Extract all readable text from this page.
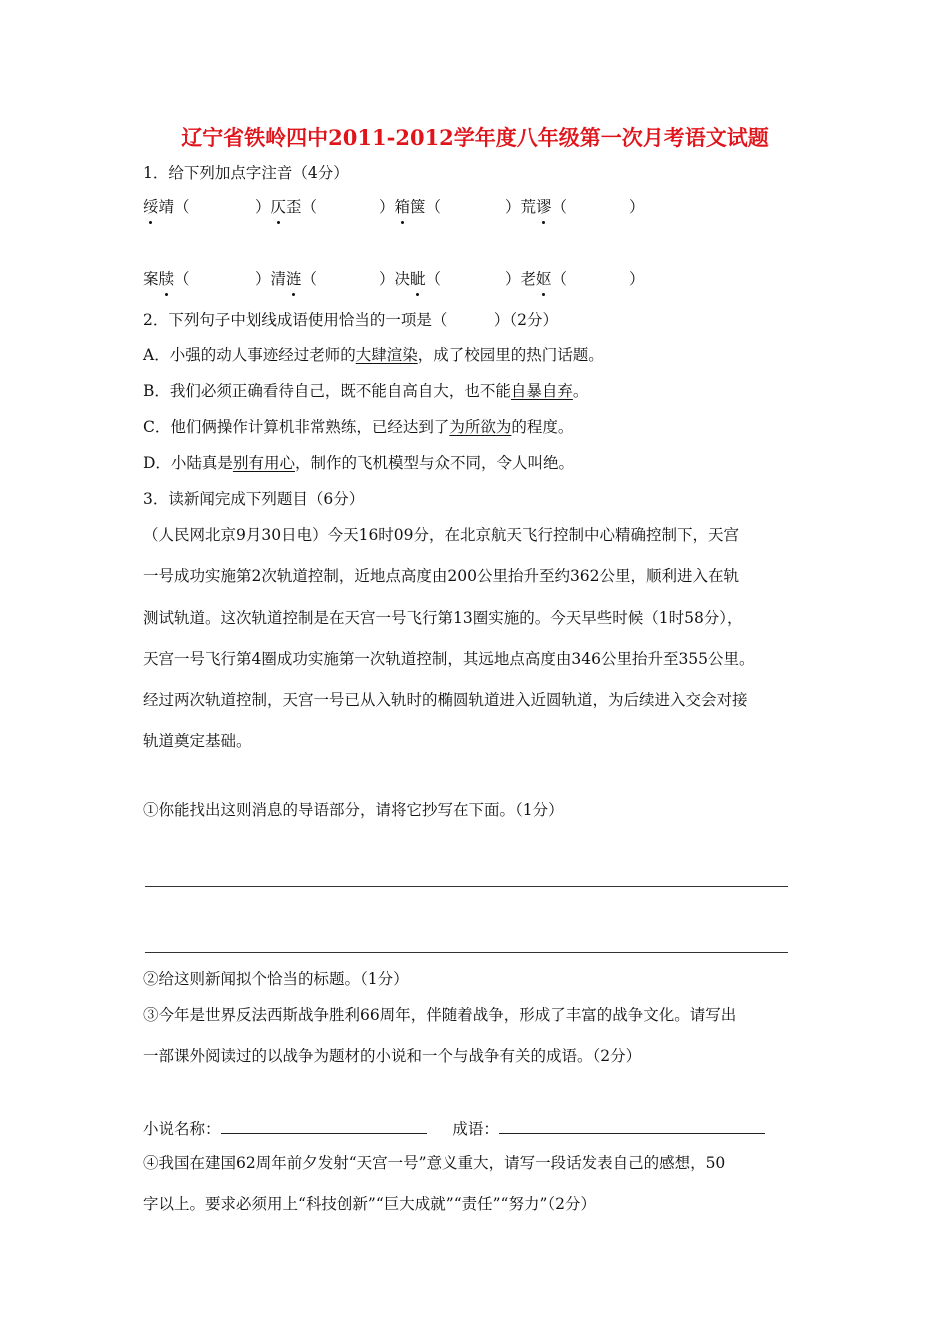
辽宁省铁岭四中2011-2012学年度八年级第一次月考语文试题
1．给下列加点字注音（4分）
绥靖（	）仄歪（	）箱箧（	）荒谬（	）
案牍（	）清涟（	）决眦（	）老妪（	）
2．下列句子中划线成语使用恰当的一项是（　　　）（2分）
A．小强的动人事迹经过老师的大肆渲染，成了校园里的热门话题。
B．我们必须正确看待自己，既不能自高自大，也不能自暴自弃。
C．他们俩操作计算机非常熟练，已经达到了为所欲为的程度。
D．小陆真是别有用心，制作的飞机模型与众不同，令人叫绝。
3．读新闻完成下列题目（6分）
（人民网北京9月30日电）今天16时09分，在北京航天飞行控制中心精确控制下，天宫
一号成功实施第2次轨道控制，近地点高度由200公里抬升至约362公里，顺利进入在轨
测试轨道。这次轨道控制是在天宫一号飞行第13圈实施的。今天早些时候（1时58分），
天宫一号飞行第4圈成功实施第一次轨道控制，其远地点高度由346公里抬升至355公里。
经过两次轨道控制，天宫一号已从入轨时的椭圆轨道进入近圆轨道，为后续进入交会对接
轨道奠定基础。
①你能找出这则消息的导语部分，请将它抄写在下面。（1分）
②给这则新闻拟个恰当的标题。（1分）
③今年是世界反法西斯战争胜利66周年，伴随着战争，形成了丰富的战争文化。请写出
一部课外阅读过的以战争为题材的小说和一个与战争有关的成语。（2分）
小说名称：	成语：
④我国在建国62周年前夕发射“天宫一号”意义重大，请写一段话发表自己的感想，50
字以上。要求必须用上“科技创新”“巨大成就”“责任”“努力”（2分）
